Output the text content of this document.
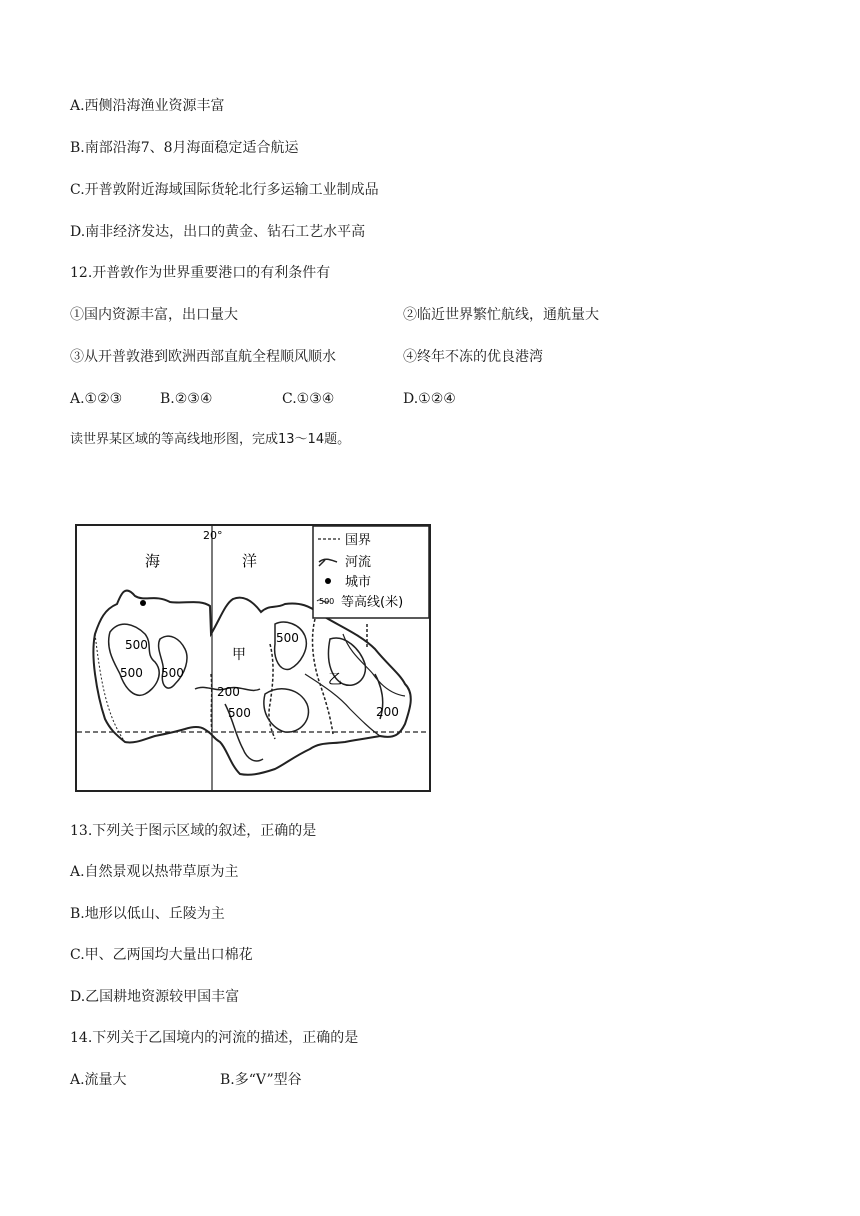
A.西侧沿海渔业资源丰富
B.南部沿海7、8月海面稳定适合航运
C.开普敦附近海域国际货轮北行多运输工业制成品
D.南非经济发达，出口的黄金、钻石工艺水平高
12.开普敦作为世界重要港口的有利条件有
①国内资源丰富，出口量大	②临近世界繁忙航线，通航量大
③从开普敦港到欧洲西部直航全程顺风顺水	④终年不冻的优良港湾
A.①②③	B.②③④	C.①③④	D.①②④
读世界某区域的等高线地形图，完成13～14题。
20°
海	洋
甲
乙
500
500 500
500
200
500	200
国界
河流
城市
500 等高线(米)
13.下列关于图示区域的叙述，正确的是
A.自然景观以热带草原为主
B.地形以低山、丘陵为主
C.甲、乙两国均大量出口棉花
D.乙国耕地资源较甲国丰富
14.下列关于乙国境内的河流的描述，正确的是
A.流量大	B.多“V”型谷
